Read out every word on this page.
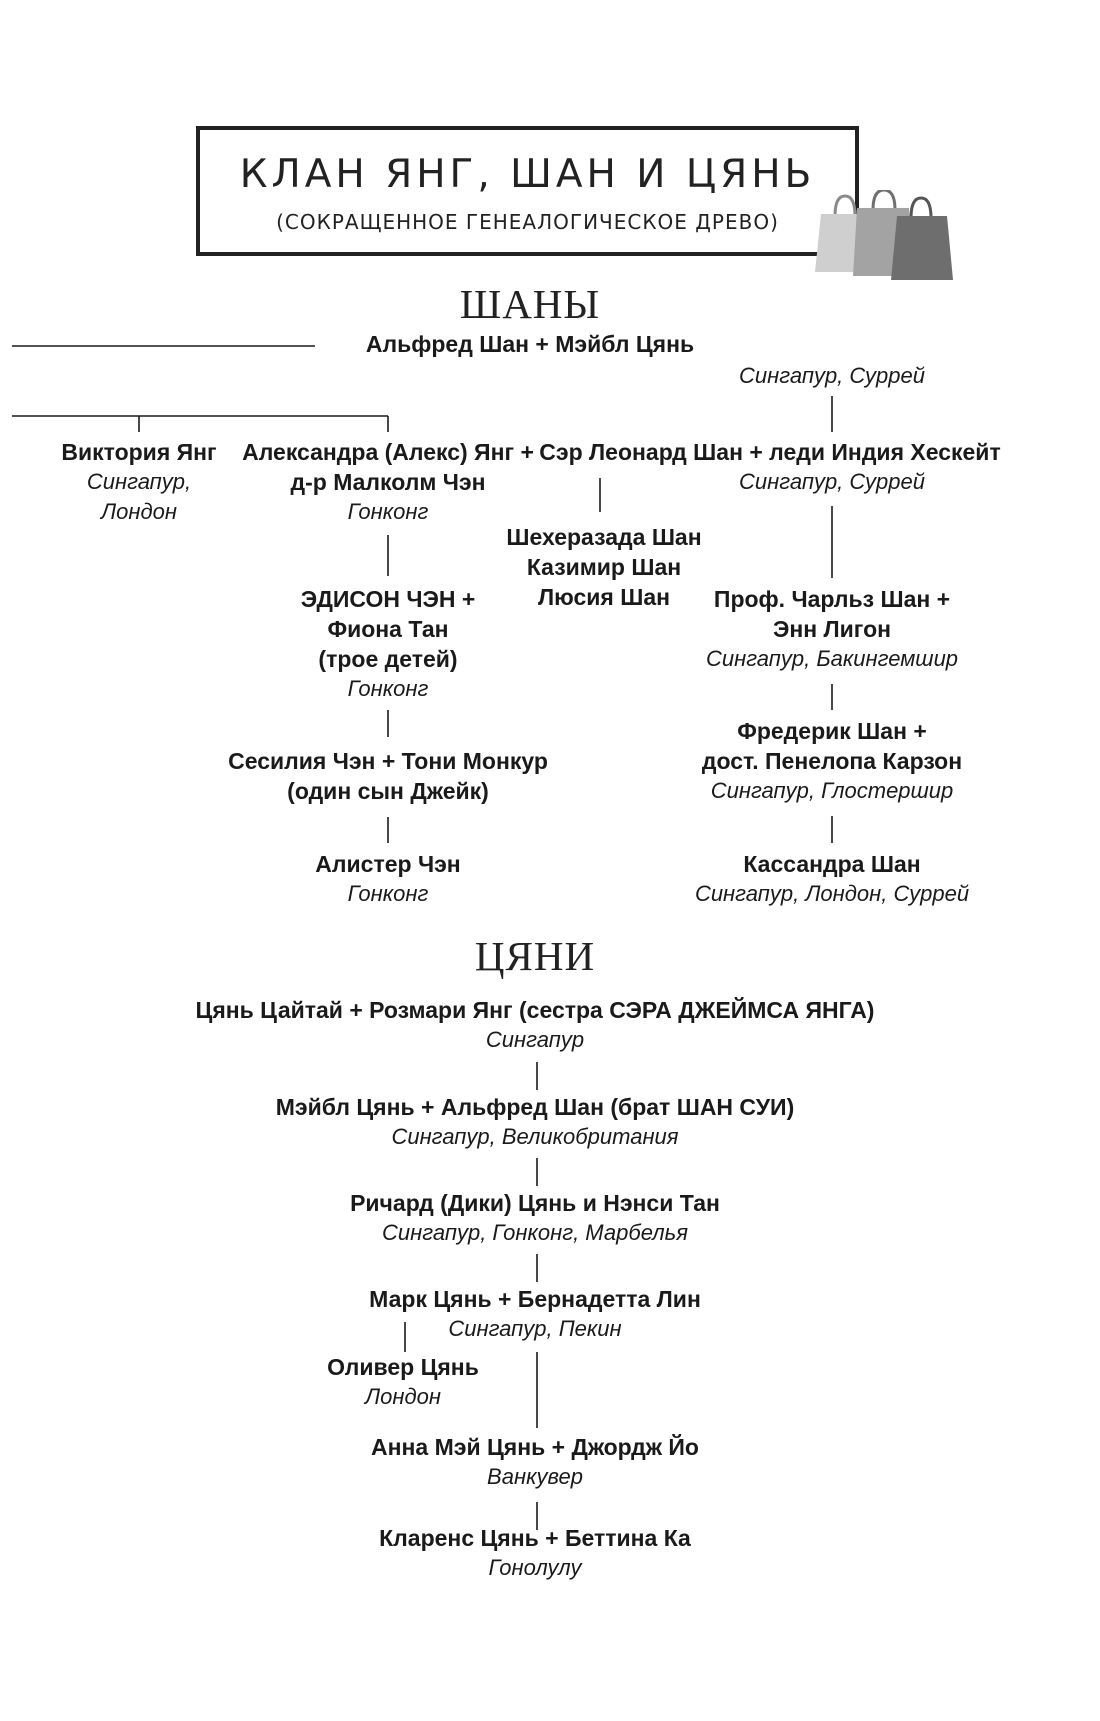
КЛАН ЯНГ, ШАН И ЦЯНЬ
(СОКРАЩЕННОЕ ГЕНЕАЛОГИЧЕСКОЕ ДРЕВО)
ШАНЫ
Альфред Шан + Мэйбл Цянь
Сингапур, Суррей
Виктория Янг
Сингапур,
Лондон
Александра (Алекс) Янг +
д-р Малколм Чэн
Гонконг
Сэр Леонард Шан + леди Индия Хескейт
Сингапур, Суррей
Шехеразада Шан
Казимир Шан
Люсия Шан
ЭДИСОН ЧЭН +
Фиона Тан
(трое детей)
Гонконг
Проф. Чарльз Шан +
Энн Лигон
Сингапур, Бакингемшир
Сесилия Чэн + Тони Монкур
(один сын Джейк)
Фредерик Шан +
дост. Пенелопа Карзон
Сингапур, Глостершир
Алистер Чэн
Гонконг
Кассандра Шан
Сингапур, Лондон, Суррей
ЦЯНИ
Цянь Цайтай + Розмари Янг (сестра СЭРА ДЖЕЙМСА ЯНГА)
Сингапур
Мэйбл Цянь + Альфред Шан (брат ШАН СУИ)
Сингапур, Великобритания
Ричард (Дики) Цянь и Нэнси Тан
Сингапур, Гонконг, Марбелья
Марк Цянь + Бернадетта Лин
Сингапур, Пекин
Оливер Цянь
Лондон
Анна Мэй Цянь + Джордж Йо
Ванкувер
Кларенс Цянь + Беттина Ка
Гонолулу
